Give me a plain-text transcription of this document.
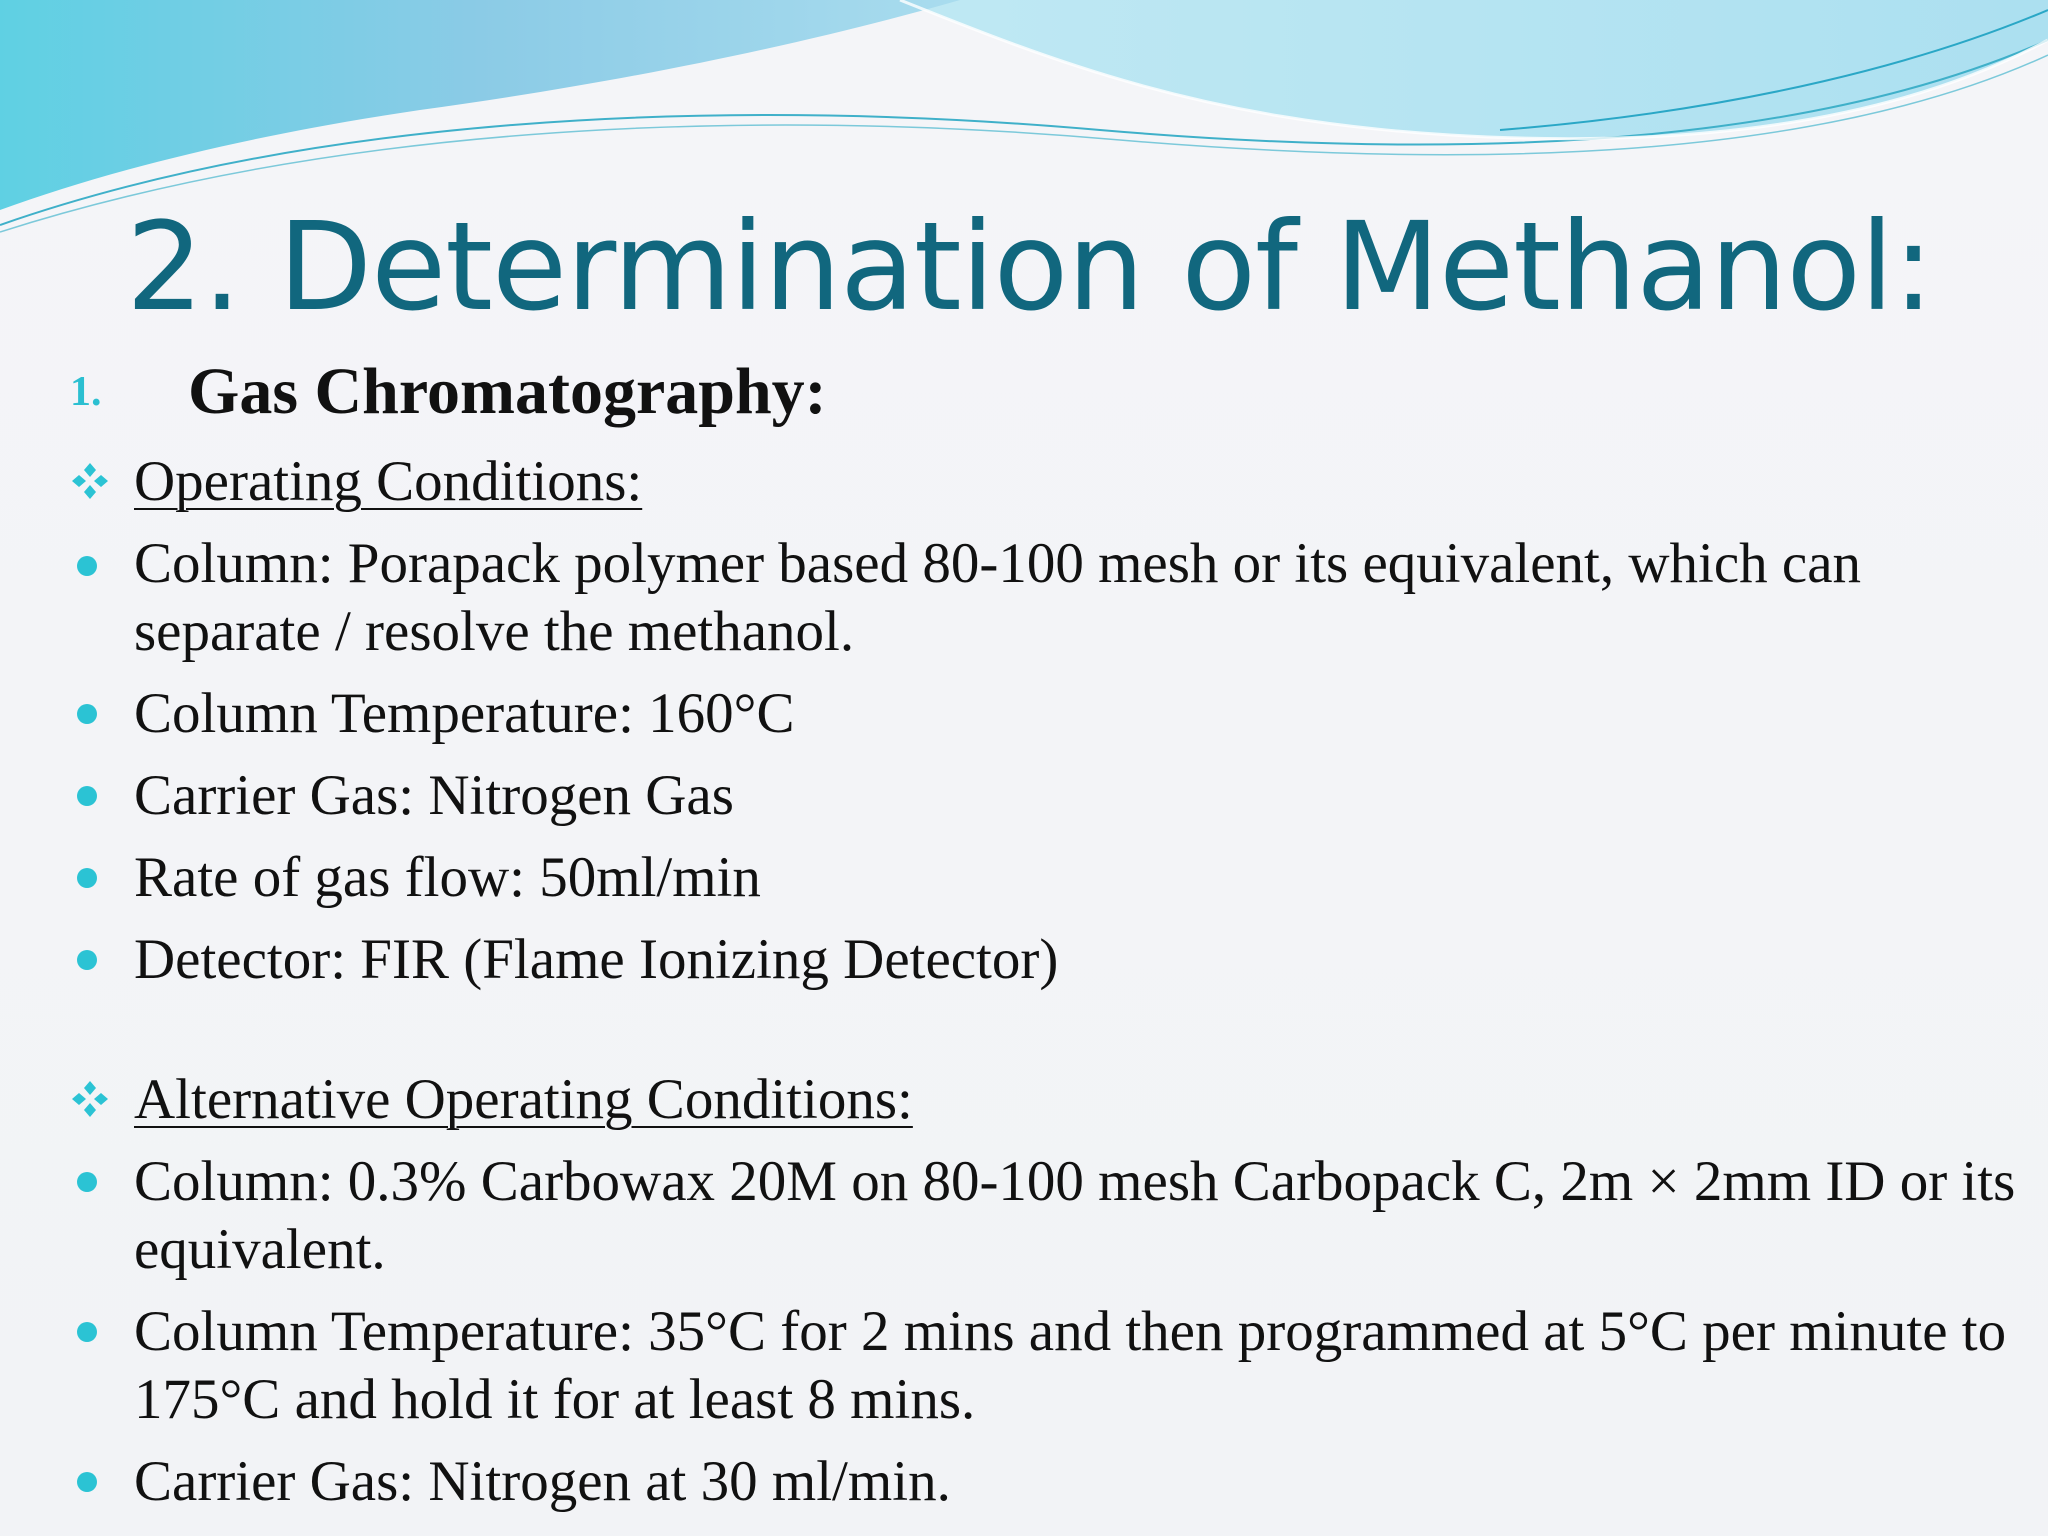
2. Determination of Methanol:
1.	Gas Chromatography:
Operating Conditions:
Column: Porapack polymer based 80-100 mesh or its equivalent, which can separate / resolve the methanol.
Column Temperature: 160°C
Carrier Gas: Nitrogen Gas
Rate of gas flow: 50ml/min
Detector: FIR (Flame Ionizing Detector)
Alternative Operating Conditions:
Column: 0.3% Carbowax 20M on 80-100 mesh Carbopack C, 2m × 2mm ID or its equivalent.
Column Temperature: 35°C for 2 mins and then programmed at 5°C per minute to 175°C and hold it for at least 8 mins.
Carrier Gas: Nitrogen at 30 ml/min.
